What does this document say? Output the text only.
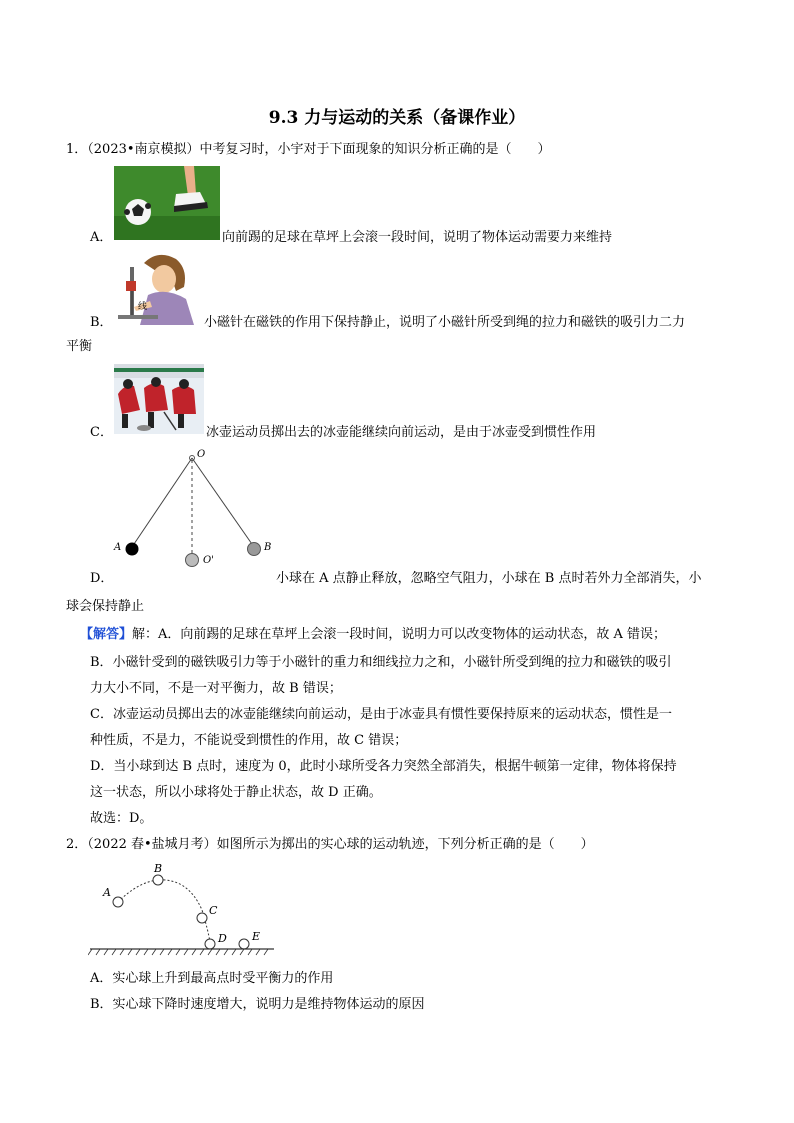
9.3 力与运动的关系（备课作业）
1．（2023•南京模拟）中考复习时，小宇对于下面现象的知识分析正确的是（　　）
A．	向前踢的足球在草坪上会滚一段时间，说明了物体运动需要力来维持
线
B．	小磁针在磁铁的作用下保持静止，说明了小磁针所受到绳的拉力和磁铁的吸引力二力
平衡
C．	冰壶运动员掷出去的冰壶能继续向前运动，是由于冰壶受到惯性作用
O
A	B
O'
D．	小球在 A 点静止释放，忽略空气阻力，小球在 B 点时若外力全部消失，小
球会保持静止
【解答】解：A．向前踢的足球在草坪上会滚一段时间，说明力可以改变物体的运动状态，故 A 错误；
B．小磁针受到的磁铁吸引力等于小磁针的重力和细线拉力之和，小磁针所受到绳的拉力和磁铁的吸引
力大小不同，不是一对平衡力，故 B 错误；
C．冰壶运动员掷出去的冰壶能继续向前运动，是由于冰壶具有惯性要保持原来的运动状态，惯性是一
种性质，不是力，不能说受到惯性的作用，故 C 错误；
D．当小球到达 B 点时，速度为 0，此时小球所受各力突然全部消失，根据牛顿第一定律，物体将保持
这一状态，所以小球将处于静止状态，故 D 正确。
故选：D。
2．（2022 春•盐城月考）如图所示为掷出的实心球的运动轨迹，下列分析正确的是（　　）
A
B
C
D E
A．实心球上升到最高点时受平衡力的作用
B．实心球下降时速度增大，说明力是维持物体运动的原因
